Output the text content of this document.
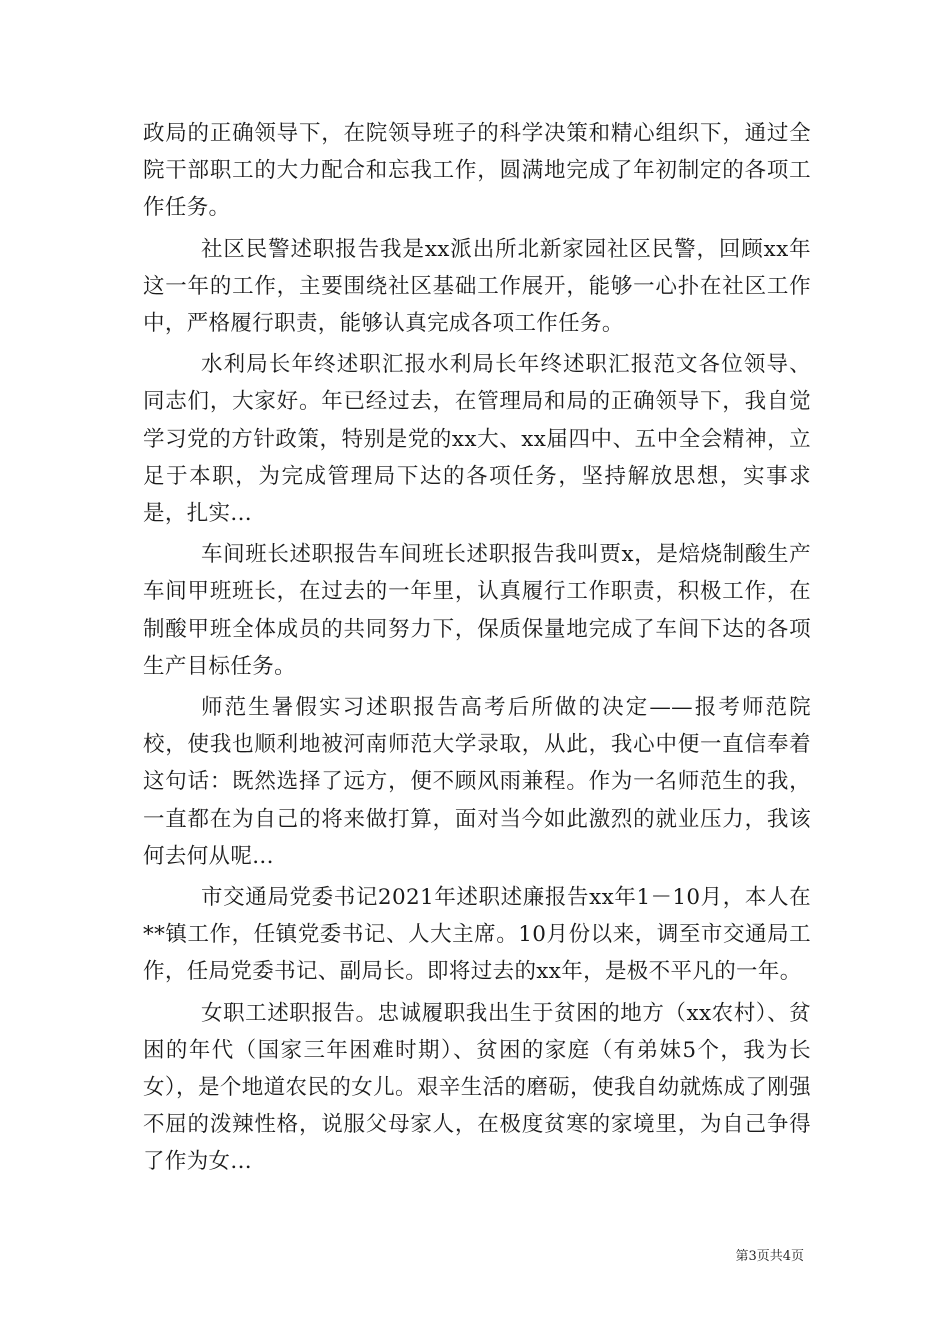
政局的正确领导下，在院领导班子的科学决策和精心组织下，通过全院干部职工的大力配合和忘我工作，圆满地完成了年初制定的各项工作任务。

社区民警述职报告我是xx派出所北新家园社区民警，回顾xx年这一年的工作，主要围绕社区基础工作展开，能够一心扑在社区工作中，严格履行职责，能够认真完成各项工作任务。

水利局长年终述职汇报水利局长年终述职汇报范文各位领导、同志们，大家好。年已经过去，在管理局和局的正确领导下，我自觉学习党的方针政策，特别是党的xx大、xx届四中、五中全会精神，立足于本职，为完成管理局下达的各项任务，坚持解放思想，实事求是，扎实...

车间班长述职报告车间班长述职报告我叫贾x，是焙烧制酸生产车间甲班班长，在过去的一年里，认真履行工作职责，积极工作，在制酸甲班全体成员的共同努力下，保质保量地完成了车间下达的各项生产目标任务。

师范生暑假实习述职报告高考后所做的决定——报考师范院校，使我也顺利地被河南师范大学录取，从此，我心中便一直信奉着这句话：既然选择了远方，便不顾风雨兼程。作为一名师范生的我，一直都在为自己的将来做打算，面对当今如此激烈的就业压力，我该何去何从呢...

市交通局党委书记2021年述职述廉报告xx年1－10月，本人在**镇工作，任镇党委书记、人大主席。10月份以来，调至市交通局工作，任局党委书记、副局长。即将过去的xx年，是极不平凡的一年。

女职工述职报告。忠诚履职我出生于贫困的地方（xx农村）、贫困的年代（国家三年困难时期）、贫困的家庭（有弟妹5个，我为长女），是个地道农民的女儿。艰辛生活的磨砺，使我自幼就炼成了刚强不屈的泼辣性格，说服父母家人，在极度贫寒的家境里，为自己争得了作为女...

第3页共4页
